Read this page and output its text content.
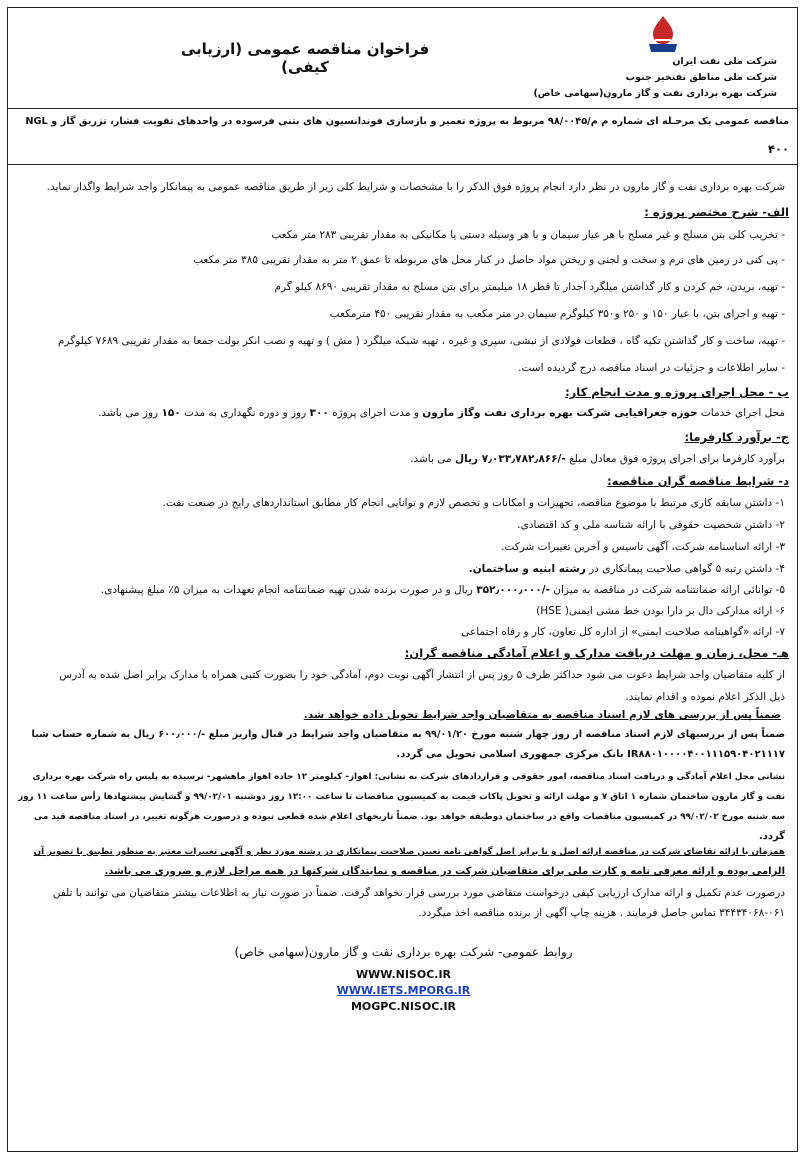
شرکت ملی نفت ایران
شرکت ملی مناطق نفتخیز جنوب
شرکت بهره برداری نفت و گاز مارون(سهامی خاص)
فراخوان مناقصه عمومی (ارزیابی کیفی)
مناقصه عمومی یک مرحـله ای شماره م م/۹۸/۰۰۴۵ مربوط به پروژه تعمیر و بازسازی فوندانسیون های بتنی فرسوده در واحدهای تقویت فشار، تزریق گاز و NGL
۴۰۰
شرکت بهره برداری نفت و گاز مارون در نظر دارد انجام پروژه فوق الذکر را با مشخصات و شرایط کلی زیر از طریق مناقصه عمومی به پیمانکار واجد شرایط واگذار نماید.
الف- شرح مختصر پروژه :
- تخریب کلی بتن مسلح و غیر مسلح با هر عیار سیمان و با هر وسیله دستی یا مکانیکی به مقدار تقریبی ۲۸۳ متر مکعب
- پی کنی در زمین های نرم و سخت و لجنی و ریختن مواد حاصل در کنار محل های مربوطه تا عمق ۲ متر به مقدار تقریبی ۳۸۵ متر مکعب
- تهیه، بریدن، خم کردن و کار گذاشتن میلگرد آجدار تا قطر ۱۸ میلیمتر برای بتن مسلح به مقدار تقریبی ۸۶۹۰ کیلو گرم
- تهیه و اجرای بتن، با عیار ۱۵۰ و ۲۵۰ و۳۵۰ کیلوگرم سیمان در متر مکعب به مقدار تقریبی ۴۵۰ مترمکعب
- تهیه، ساخت و کار گذاشتن تکیه گاه ، قطعات فولادی از نبشی، سپری و غیره ، تهیه شبکه میلگرد ( مش ) و تهیه و نصب انکر بولت جمعا به مقدار تقریبی ۷۶۸۹ کیلوگرم
- سایر اطلاعات و جزئیات در اسناد مناقصه درج گردیده است.
ب - محل اجرای پروژه و مدت انجام کار:
محل اجرای خدمات حوزه جغرافیایی شرکت بهره برداری نفت وگاز مارون و مدت اجرای پروژه ۳۰۰ روز و دوره نگهداری به مدت ۱۵۰ روز می باشد.
ج- برآورد کارفرما:
برآورد کارفرما برای اجرای پروژه فوق معادل مبلغ -/۷٫۰۳۳٫۷۸۲٫۸۶۶ ریال می باشد.
د- شرایط مناقصه گران مناقصه:
۱- داشتن سابقه کاری مرتبط با موضوع مناقصه، تجهیزات و امکانات و تخصص لازم و توانایی انجام کار مطابق استانداردهای رایج در صنعت نفت.
۲- داشتن شخصیت حقوقی با ارائه شناسه ملی و کد اقتصادی.
۳- ارائه اساسنامه شرکت، آگهی تاسیس و آخرین تغییرات شرکت.
۴- داشتن رتبه ۵ گواهی صلاحیت پیمانکاری در رشته ابنیه و ساختمان.
۵- توانائی ارائه ضمانتنامه شرکت در مناقصه به میزان -/۳۵۲٫۰۰۰٫۰۰۰ ریال و در صورت برنده شدن تهیه ضمانتنامه انجام تعهدات به میزان ۵٪ مبلغ پیشنهادی.
۶- ارائه مدارکی دال بر دارا بودن خط مشی ایمنی( HSE)
۷- ارائه «گواهینامه صلاحیت ایمنی» از اداره کل تعاون، کار و رفاه اجتماعی
هـ- محل، زمان و مهلت دریافت مدارک و اعلام آمادگی مناقصه گران:
از کلیه متقاضیان واجد شرایط دعوت می شود حداکثر ظرف ۵ روز پس از انتشار آگهی نوبت دوم، آمادگی خود را بصورت کتبی همراه با مدارک برابر اصل شده به آدرس
ذیل الذکر اعلام نموده و اقدام نمایند.
ضمناً پس از بررسی های لازم اسناد مناقصه به متقاضیان واجد شرایط تحویل داده خواهد شد.
ضمناً پس از بررسیهای لازم اسناد مناقصه از روز چهار شنبه مورخ ۹۹/۰۱/۲۰ به متقاضیان واجد شرایط در قبال واریز مبلغ -/۶۰۰٫۰۰۰ ریال به شماره حساب شبا
IR۸۸۰۱۰۰۰۰۴۰۰۱۱۱۵۹۰۴۰۲۱۱۱۷ بانک مرکزی جمهوری اسلامی تحویل می گردد.
نشانی محل اعلام آمادگی و دریافت اسناد مناقصه، امور حقوقی و قراردادهای شرکت به نشانی: اهواز- کیلومتر ۱۲ جاده اهواز ماهشهر- نرسیده به پلیس راه شرکت بهره برداری
نفت و گاز مارون ساختمان شماره ۱ اتاق ۷ و مهلت ارائه و تحویل پاکات قیمت به کمیسیون مناقصات تا ساعت ۱۲:۰۰ روز دوشنبه ۹۹/۰۲/۰۱ و گشایش پیشنهادها رأس ساعت ۱۱ روز
سه شنبه مورخ ۹۹/۰۲/۰۲ در کمیسیون مناقصات واقع در ساختمان دوطبقه خواهد بود. ضمناً تاریخهای اعلام شده قطعی نبوده و درصورت هرگونه تغییر، در اسناد مناقصه قید می
گردد.
همزمان با ارائه تقاضای شرکت در مناقصه ارائه اصل و یا برابر اصل گواهی نامه تعیین صلاحیت پیمانکاری در رشته مورد نظر و آگهی تغییرات معتبر به منظور تطبیق با تصویر آن
الزامی بوده و ارائه معرفی نامه و کارت ملی برای متقاضیان شرکت در مناقصه و نمایندگان شرکتها در همه مراحل لازم و ضروری می باشد.
درصورت عدم تکمیل و ارائه مدارک ارزیابی کیفی درخواست متقاضی مورد بررسی قرار نخواهد گرفت. ضمناً در صورت نیاز به اطلاعات بیشتر متقاضیان می توانند با تلفن
۳۴۴۳۴۰۶۸-۰۶۱ تماس حاصل فرمایند . هزینه چاپ آگهی از برنده مناقصه اخذ میگردد.
روابط عمومی- شرکت بهره برداری نفت و گاز مارون(سهامی خاص)
WWW.NISOC.IR
WWW.IETS.MPORG.IR
MOGPC.NISOC.IR
